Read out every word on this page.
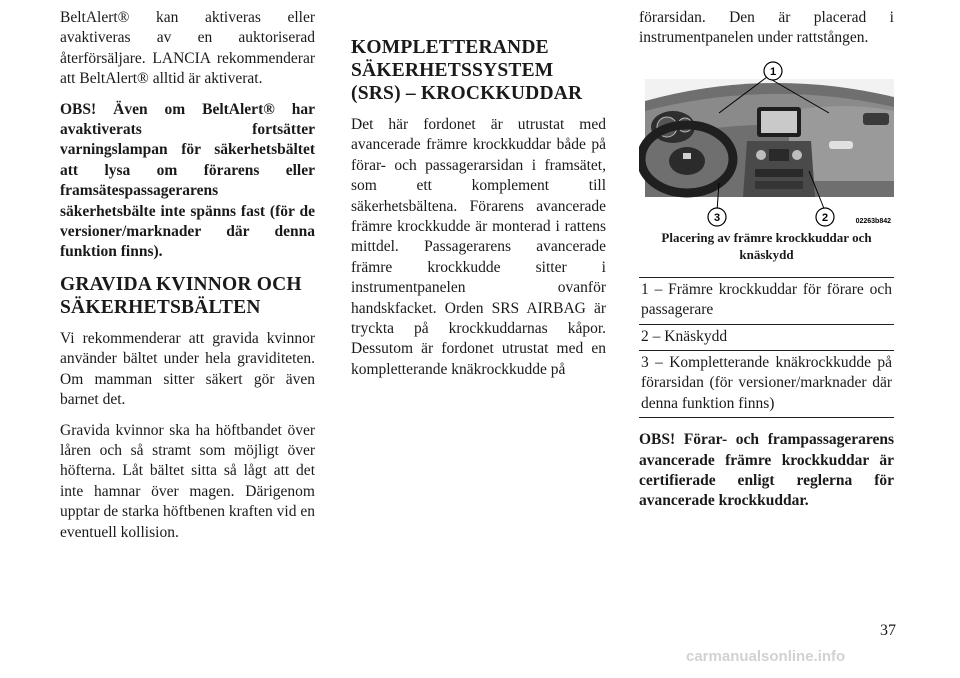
BeltAlert® kan aktiveras eller avaktiveras av en auktoriserad återförsäljare. LANCIA rekommenderar att BeltAlert® alltid är aktiverat.

OBS! Även om BeltAlert® har avaktiverats fortsätter varningslampan för säkerhetsbältet att lysa om förarens eller framsätespassagerarens säkerhetsbälte inte spänns fast (för de versioner/marknader där denna funktion finns).

GRAVIDA KVINNOR OCH SÄKERHETSBÄLTEN

Vi rekommenderar att gravida kvinnor använder bältet under hela graviditeten. Om mamman sitter säkert gör även barnet det.

Gravida kvinnor ska ha höftbandet över låren och så stramt som möjligt över höfterna. Låt bältet sitta så lågt att det inte hamnar över magen. Därigenom upptar de starka höftbenen kraften vid en eventuell kollision.

KOMPLETTERANDE SÄKERHETSSYSTEM (SRS) – KROCKKUDDAR

Det här fordonet är utrustat med avancerade främre krockkuddar både på förar- och passagerarsidan i framsätet, som ett komplement till säkerhetsbältena. Förarens avancerade främre krockkudde är monterad i rattens mittdel. Passagerarens avancerade främre krockkudde sitter i instrumentpanelen ovanför handskfacket. Orden SRS AIRBAG är tryckta på krockkuddarnas kåpor. Dessutom är fordonet utrustat med en kompletterande knäkrockkudde på

förarsidan. Den är placerad i instrumentpanelen under rattstången.

1
2
3	02263b842
Placering av främre krockkuddar och knäskydd
1 – Främre krockkuddar för förare och passagerare
2 – Knäskydd
3 – Kompletterande knäkrockkudde på förarsidan (för versioner/marknader där denna funktion finns)

OBS! Förar- och frampassagerarens avancerade främre krockkuddar är certifierade enligt reglerna för avancerade krockkuddar.

37
carmanualsonline.info
